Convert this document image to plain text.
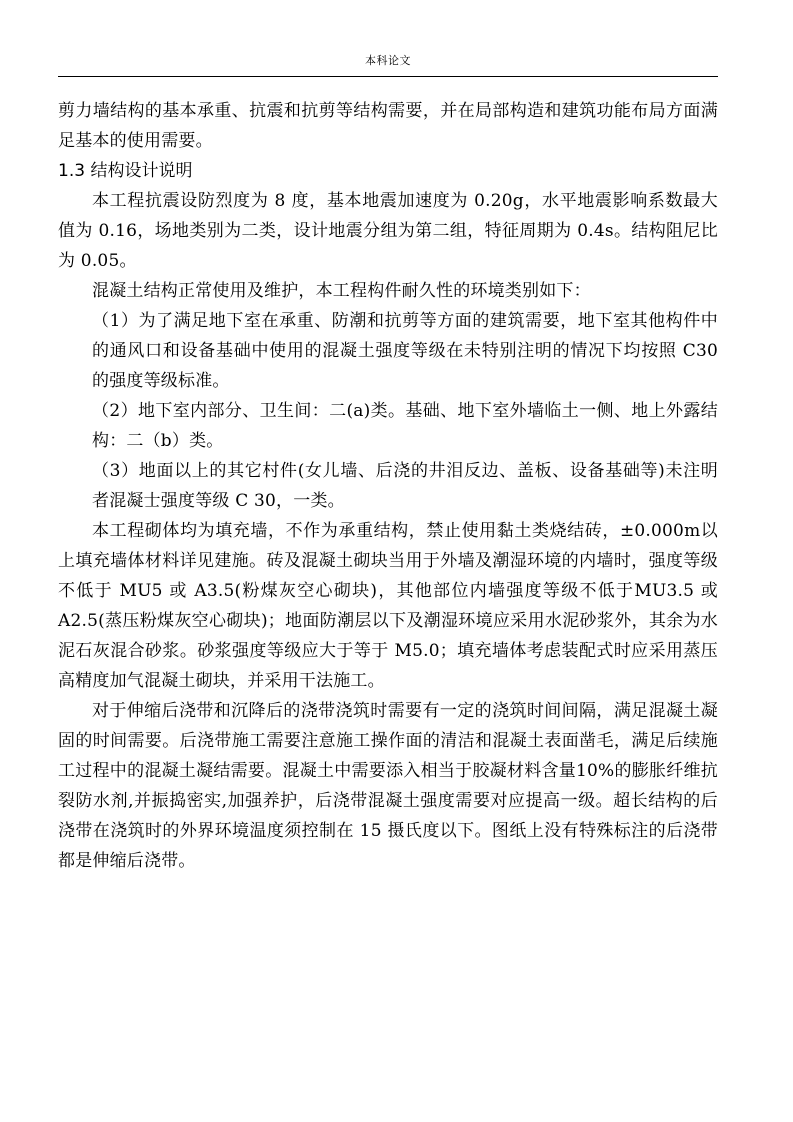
本科论文

剪力墙结构的基本承重、抗震和抗剪等结构需要，并在局部构造和建筑功能布局方面满足基本的使用需要。

1.3 结构设计说明

本工程抗震设防烈度为 8 度，基本地震加速度为 0.20g，水平地震影响系数最大值为 0.16，场地类别为二类，设计地震分组为第二组，特征周期为 0.4s。结构阻尼比为 0.05。

混凝土结构正常使用及维护，本工程构件耐久性的环境类别如下：

（1）为了满足地下室在承重、防潮和抗剪等方面的建筑需要，地下室其他构件中的通风口和设备基础中使用的混凝土强度等级在未特别注明的情况下均按照 C30 的强度等级标准。

（2）地下室内部分、卫生间：二(a)类。基础、地下室外墙临土一侧、地上外露结构：二（b）类。

（3）地面以上的其它村件(女儿墙、后浇的井泪反边、盖板、设备基础等)未注明者混凝士强度等级 C 30，一类。

本工程砌体均为填充墙，不作为承重结构，禁止使用黏土类烧结砖，±0.000m以上填充墙体材料详见建施。砖及混凝土砌块当用于外墙及潮湿环境的内墙时，强度等级不低于 MU5 或 A3.5(粉煤灰空心砌块)，其他部位内墙强度等级不低于MU3.5 或 A2.5(蒸压粉煤灰空心砌块)；地面防潮层以下及潮湿环境应采用水泥砂浆外，其余为水泥石灰混合砂浆。砂浆强度等级应大于等于 M5.0；填充墙体考虑装配式时应采用蒸压高精度加气混凝土砌块，并采用干法施工。

对于伸缩后浇带和沉降后的浇带浇筑时需要有一定的浇筑时间间隔，满足混凝土凝固的时间需要。后浇带施工需要注意施工操作面的清洁和混凝土表面凿毛，满足后续施工过程中的混凝土凝结需要。混凝土中需要添入相当于胶凝材料含量10%的膨胀纤维抗裂防水剂,并振捣密实,加强养护，后浇带混凝土强度需要对应提高一级。超长结构的后浇带在浇筑时的外界环境温度须控制在 15 摄氏度以下。图纸上没有特殊标注的后浇带都是伸缩后浇带。
